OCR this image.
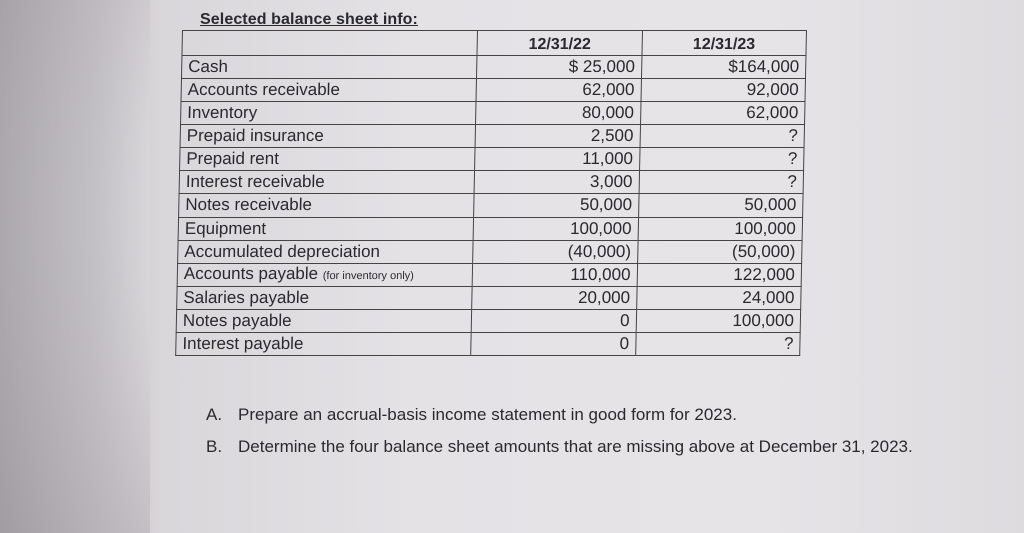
Selected balance sheet info:
	12/31/22	12/31/23
Cash	$ 25,000	$164,000
Accounts receivable	62,000	92,000
Inventory	80,000	62,000
Prepaid insurance	2,500	?
Prepaid rent	11,000	?
Interest receivable	3,000	?
Notes receivable	50,000	50,000
Equipment	100,000	100,000
Accumulated depreciation	(40,000)	(50,000)
Accounts payable (for inventory only)	110,000	122,000
Salaries payable	20,000	24,000
Notes payable	0	100,000
Interest payable	0	?
A. Prepare an accrual-basis income statement in good form for 2023.
B. Determine the four balance sheet amounts that are missing above at December 31, 2023.
